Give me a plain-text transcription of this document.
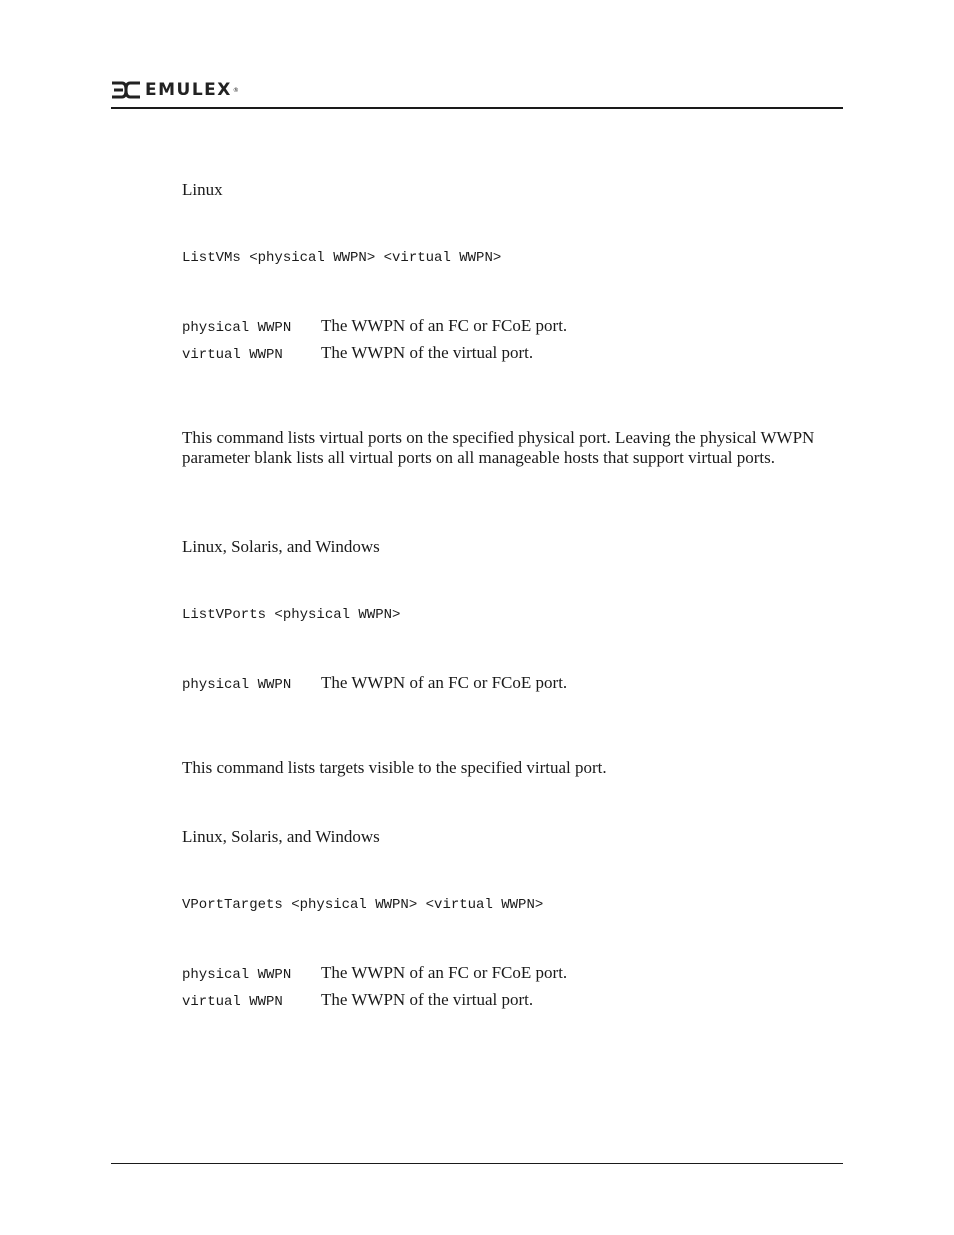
EMULEX ®
Linux
ListVMs <physical WWPN> <virtual WWPN>
physical WWPN The WWPN of an FC or FCoE port.
virtual WWPN The WWPN of the virtual port.
This command lists virtual ports on the specified physical port. Leaving the physical WWPN parameter blank lists all virtual ports on all manageable hosts that support virtual ports.
Linux, Solaris, and Windows
ListVPorts <physical WWPN>
physical WWPN The WWPN of an FC or FCoE port.
This command lists targets visible to the specified virtual port.
Linux, Solaris, and Windows
VPortTargets <physical WWPN> <virtual WWPN>
physical WWPN The WWPN of an FC or FCoE port.
virtual WWPN The WWPN of the virtual port.
